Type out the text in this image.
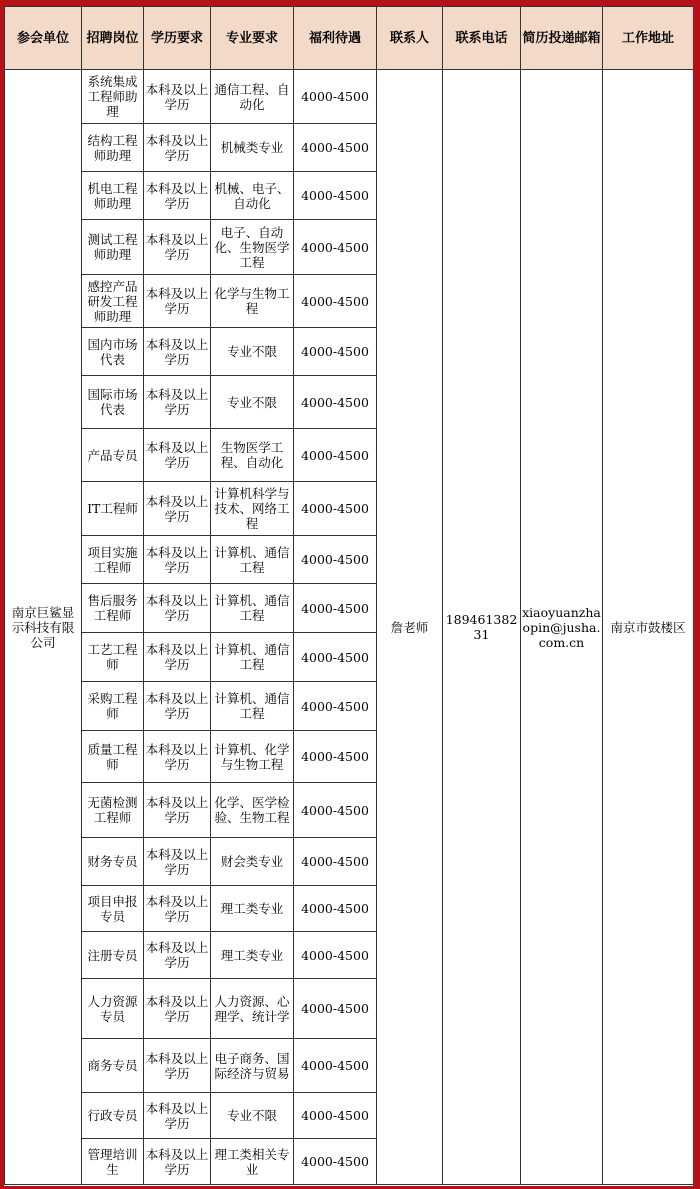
参会单位	招聘岗位	学历要求	专业要求	福利待遇	联系人	联系电话	简历投递邮箱	工作地址
南京巨鲨显示科技有限公司	系统集成工程师助理	本科及以上学历	通信工程、自动化	4000-4500	詹老师	18946138231	xiaoyuanzhaopin@jusha.com.cn	南京市鼓楼区
	结构工程师助理	本科及以上学历	机械类专业	4000-4500				
	机电工程师助理	本科及以上学历	机械、电子、自动化	4000-4500				
	测试工程师助理	本科及以上学历	电子、自动化、生物医学工程	4000-4500				
	感控产品研发工程师助理	本科及以上学历	化学与生物工程	4000-4500				
	国内市场代表	本科及以上学历	专业不限	4000-4500				
	国际市场代表	本科及以上学历	专业不限	4000-4500				
	产品专员	本科及以上学历	生物医学工程、自动化	4000-4500				
	IT工程师	本科及以上学历	计算机科学与技术、网络工程	4000-4500				
	项目实施工程师	本科及以上学历	计算机、通信工程	4000-4500				
	售后服务工程师	本科及以上学历	计算机、通信工程	4000-4500				
	工艺工程师	本科及以上学历	计算机、通信工程	4000-4500				
	采购工程师	本科及以上学历	计算机、通信工程	4000-4500				
	质量工程师	本科及以上学历	计算机、化学与生物工程	4000-4500				
	无菌检测工程师	本科及以上学历	化学、医学检验、生物工程	4000-4500				
	财务专员	本科及以上学历	财会类专业	4000-4500				
	项目申报专员	本科及以上学历	理工类专业	4000-4500				
	注册专员	本科及以上学历	理工类专业	4000-4500				
	人力资源专员	本科及以上学历	人力资源、心理学、统计学	4000-4500				
	商务专员	本科及以上学历	电子商务、国际经济与贸易	4000-4500				
	行政专员	本科及以上学历	专业不限	4000-4500				
	管理培训生	本科及以上学历	理工类相关专业	4000-4500				
